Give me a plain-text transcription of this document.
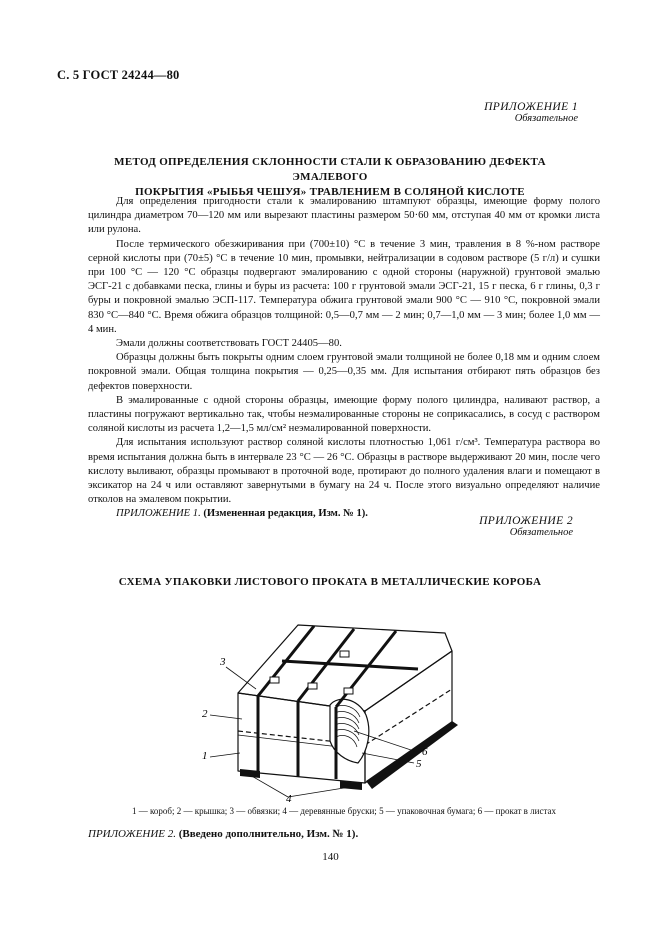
С. 5 ГОСТ 24244—80
ПРИЛОЖЕНИЕ 1
Обязательное
МЕТОД ОПРЕДЕЛЕНИЯ СКЛОННОСТИ СТАЛИ К ОБРАЗОВАНИЮ ДЕФЕКТА ЭМАЛЕВОГО
ПОКРЫТИЯ «РЫБЬЯ ЧЕШУЯ» ТРАВЛЕНИЕМ В СОЛЯНОЙ КИСЛОТЕ

Для определения пригодности стали к эмалированию штампуют образцы, имеющие форму полого цилиндра диаметром 70—120 мм или вырезают пластины размером 50·60 мм, отступая 40 мм от кромки листа или рулона.

После термического обезжиривания при (700±10) °С в течение 3 мин, травления в 8 %-ном растворе серной кислоты при (70±5) °С в течение 10 мин, промывки, нейтрализации в содовом растворе (5 г/л) и сушки при 100 °С — 120 °С образцы подвергают эмалированию с одной стороны (наружной) грунтовой эмалью ЭСГ-21 с добавками песка, глины и буры из расчета: 100 г грунтовой эмали ЭСГ-21, 15 г песка, 6 г глины, 0,3 г буры и покровной эмалью ЭСП-117. Температура обжига грунтовой эмали 900 °С — 910 °С, покровной эмали 830 °С—840 °С. Время обжига образцов толщиной: 0,5—0,7 мм — 2 мин; 0,7—1,0 мм — 3 мин; более 1,0 мм — 4 мин.

Эмали должны соответствовать ГОСТ 24405—80.

Образцы должны быть покрыты одним слоем грунтовой эмали толщиной не более 0,18 мм и одним слоем покровной эмали. Общая толщина покрытия — 0,25—0,35 мм. Для испытания отбирают пять образцов без дефектов поверхности.

В эмалированные с одной стороны образцы, имеющие форму полого цилиндра, наливают раствор, а пластины погружают вертикально так, чтобы неэмалированные стороны не соприкасались, в сосуд с раствором соляной кислоты из расчета 1,2—1,5 мл/см² неэмалированной поверхности.

Для испытания используют раствор соляной кислоты плотностью 1,061 г/см³. Температура раствора во время испытания должна быть в интервале 23 °С — 26 °С. Образцы в растворе выдерживают 20 мин, после чего кислоту выливают, образцы промывают в проточной воде, протирают до полного удаления влаги и помещают в эксикатор на 24 ч или оставляют завернутыми в бумагу на 24 ч. После этого визуально определяют наличие отколов на эмалевом покрытии.

ПРИЛОЖЕНИЕ 1. (Измененная редакция, Изм. № 1).

ПРИЛОЖЕНИЕ 2
Обязательное
СХЕМА УПАКОВКИ ЛИСТОВОГО ПРОКАТА В МЕТАЛЛИЧЕСКИЕ КОРОБА
3
2
1
4
5
6
1 — короб; 2 — крышка; 3 — обвязки; 4 — деревянные бруски; 5 — упаковочная бумага; 6 — прокат в листах
ПРИЛОЖЕНИЕ 2. (Введено дополнительно, Изм. № 1).
140
